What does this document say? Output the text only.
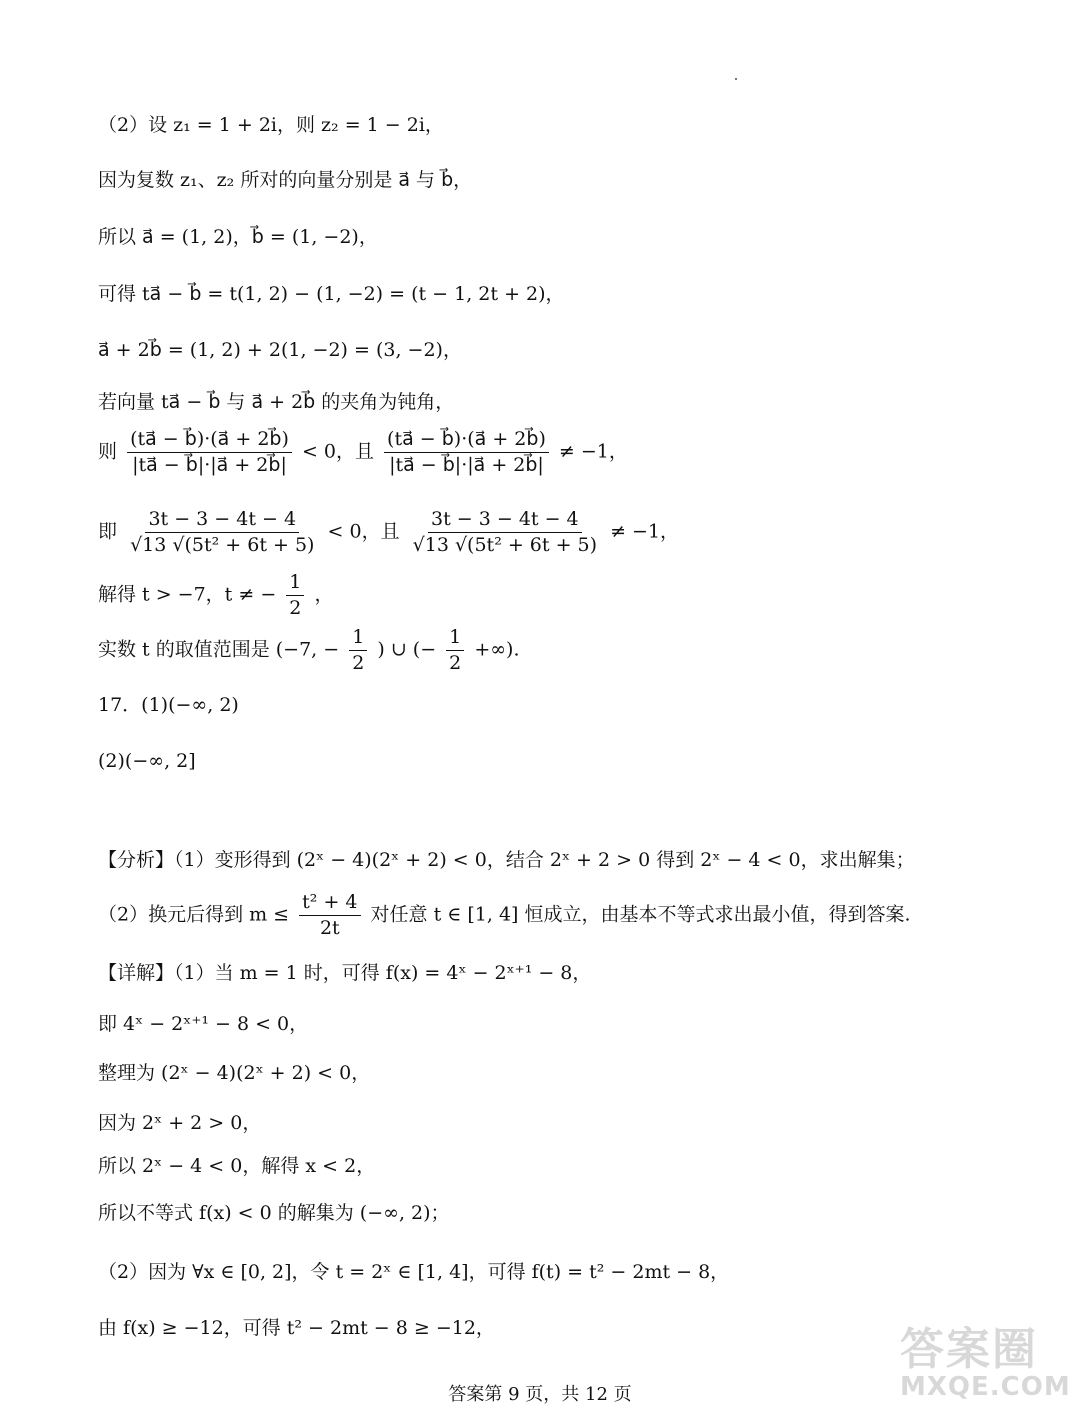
（2）设 z₁ = 1 + 2i，则 z₂ = 1 − 2i，
因为复数 z₁、z₂ 所对的向量分别是 a⃗ 与 b⃗，
所以 a⃗ = (1, 2)，b⃗ = (1, −2)，
可得 ta⃗ − b⃗ = t(1, 2) − (1, −2) = (t − 1, 2t + 2)，
a⃗ + 2b⃗ = (1, 2) + 2(1, −2) = (3, −2)，
若向量 ta⃗ − b⃗ 与 a⃗ + 2b⃗ 的夹角为钝角，
则 $\frac{(ta⃗ - b⃗)\cdot(a⃗ + 2b⃗)}{|ta⃗ - b⃗|\cdot|a⃗ + 2b⃗|} < 0$，且 $\frac{(ta⃗ - b⃗)\cdot(a⃗ + 2b⃗)}{|ta⃗ - b⃗|\cdot|a⃗ + 2b⃗|} \ne -1$，
即 $\frac{3t - 3 - 4t - 4}{\text{√13 √(5t² + 6t + 5)}} < 0$，且 $\frac{3t - 3 - 4t - 4}{\text{√13 √(5t² + 6t + 5)}} \ne -1$，
解得 t > −7，t ≠ − $\frac{1}{2}$ ，
实数 t 的取值范围是 (−7, − $\frac{1}{2}$ ) ∪ (− $\frac{1}{2}$ +∞).
17．(1)(−∞, 2)
(2)(−∞, 2]
【分析】（1）变形得到 (2ˣ − 4)(2ˣ + 2) < 0，结合 2ˣ + 2 > 0 得到 2ˣ − 4 < 0，求出解集；
（2）换元后得到 $m \le \frac{\text{t² + 4}}{2t}$ 对任意 t ∈ [1, 4] 恒成立，由基本不等式求出最小值，得到答案.
【详解】（1）当 m = 1 时，可得 f(x) = 4ˣ − 2ˣ⁺¹ − 8，
即 4ˣ − 2ˣ⁺¹ − 8 < 0，
整理为 (2ˣ − 4)(2ˣ + 2) < 0，
因为 2ˣ + 2 > 0，
所以 2ˣ − 4 < 0，解得 x < 2，
所以不等式 f(x) < 0 的解集为 (−∞, 2)；
（2）因为 ∀x ∈ [0, 2]，令 t = 2ˣ ∈ [1, 4]，可得 f(t) = t² − 2mt − 8，
由 f(x) ≥ −12，可得 t² − 2mt − 8 ≥ −12，
答案第 9 页，共 12 页
答案圈
MXQE.COM
